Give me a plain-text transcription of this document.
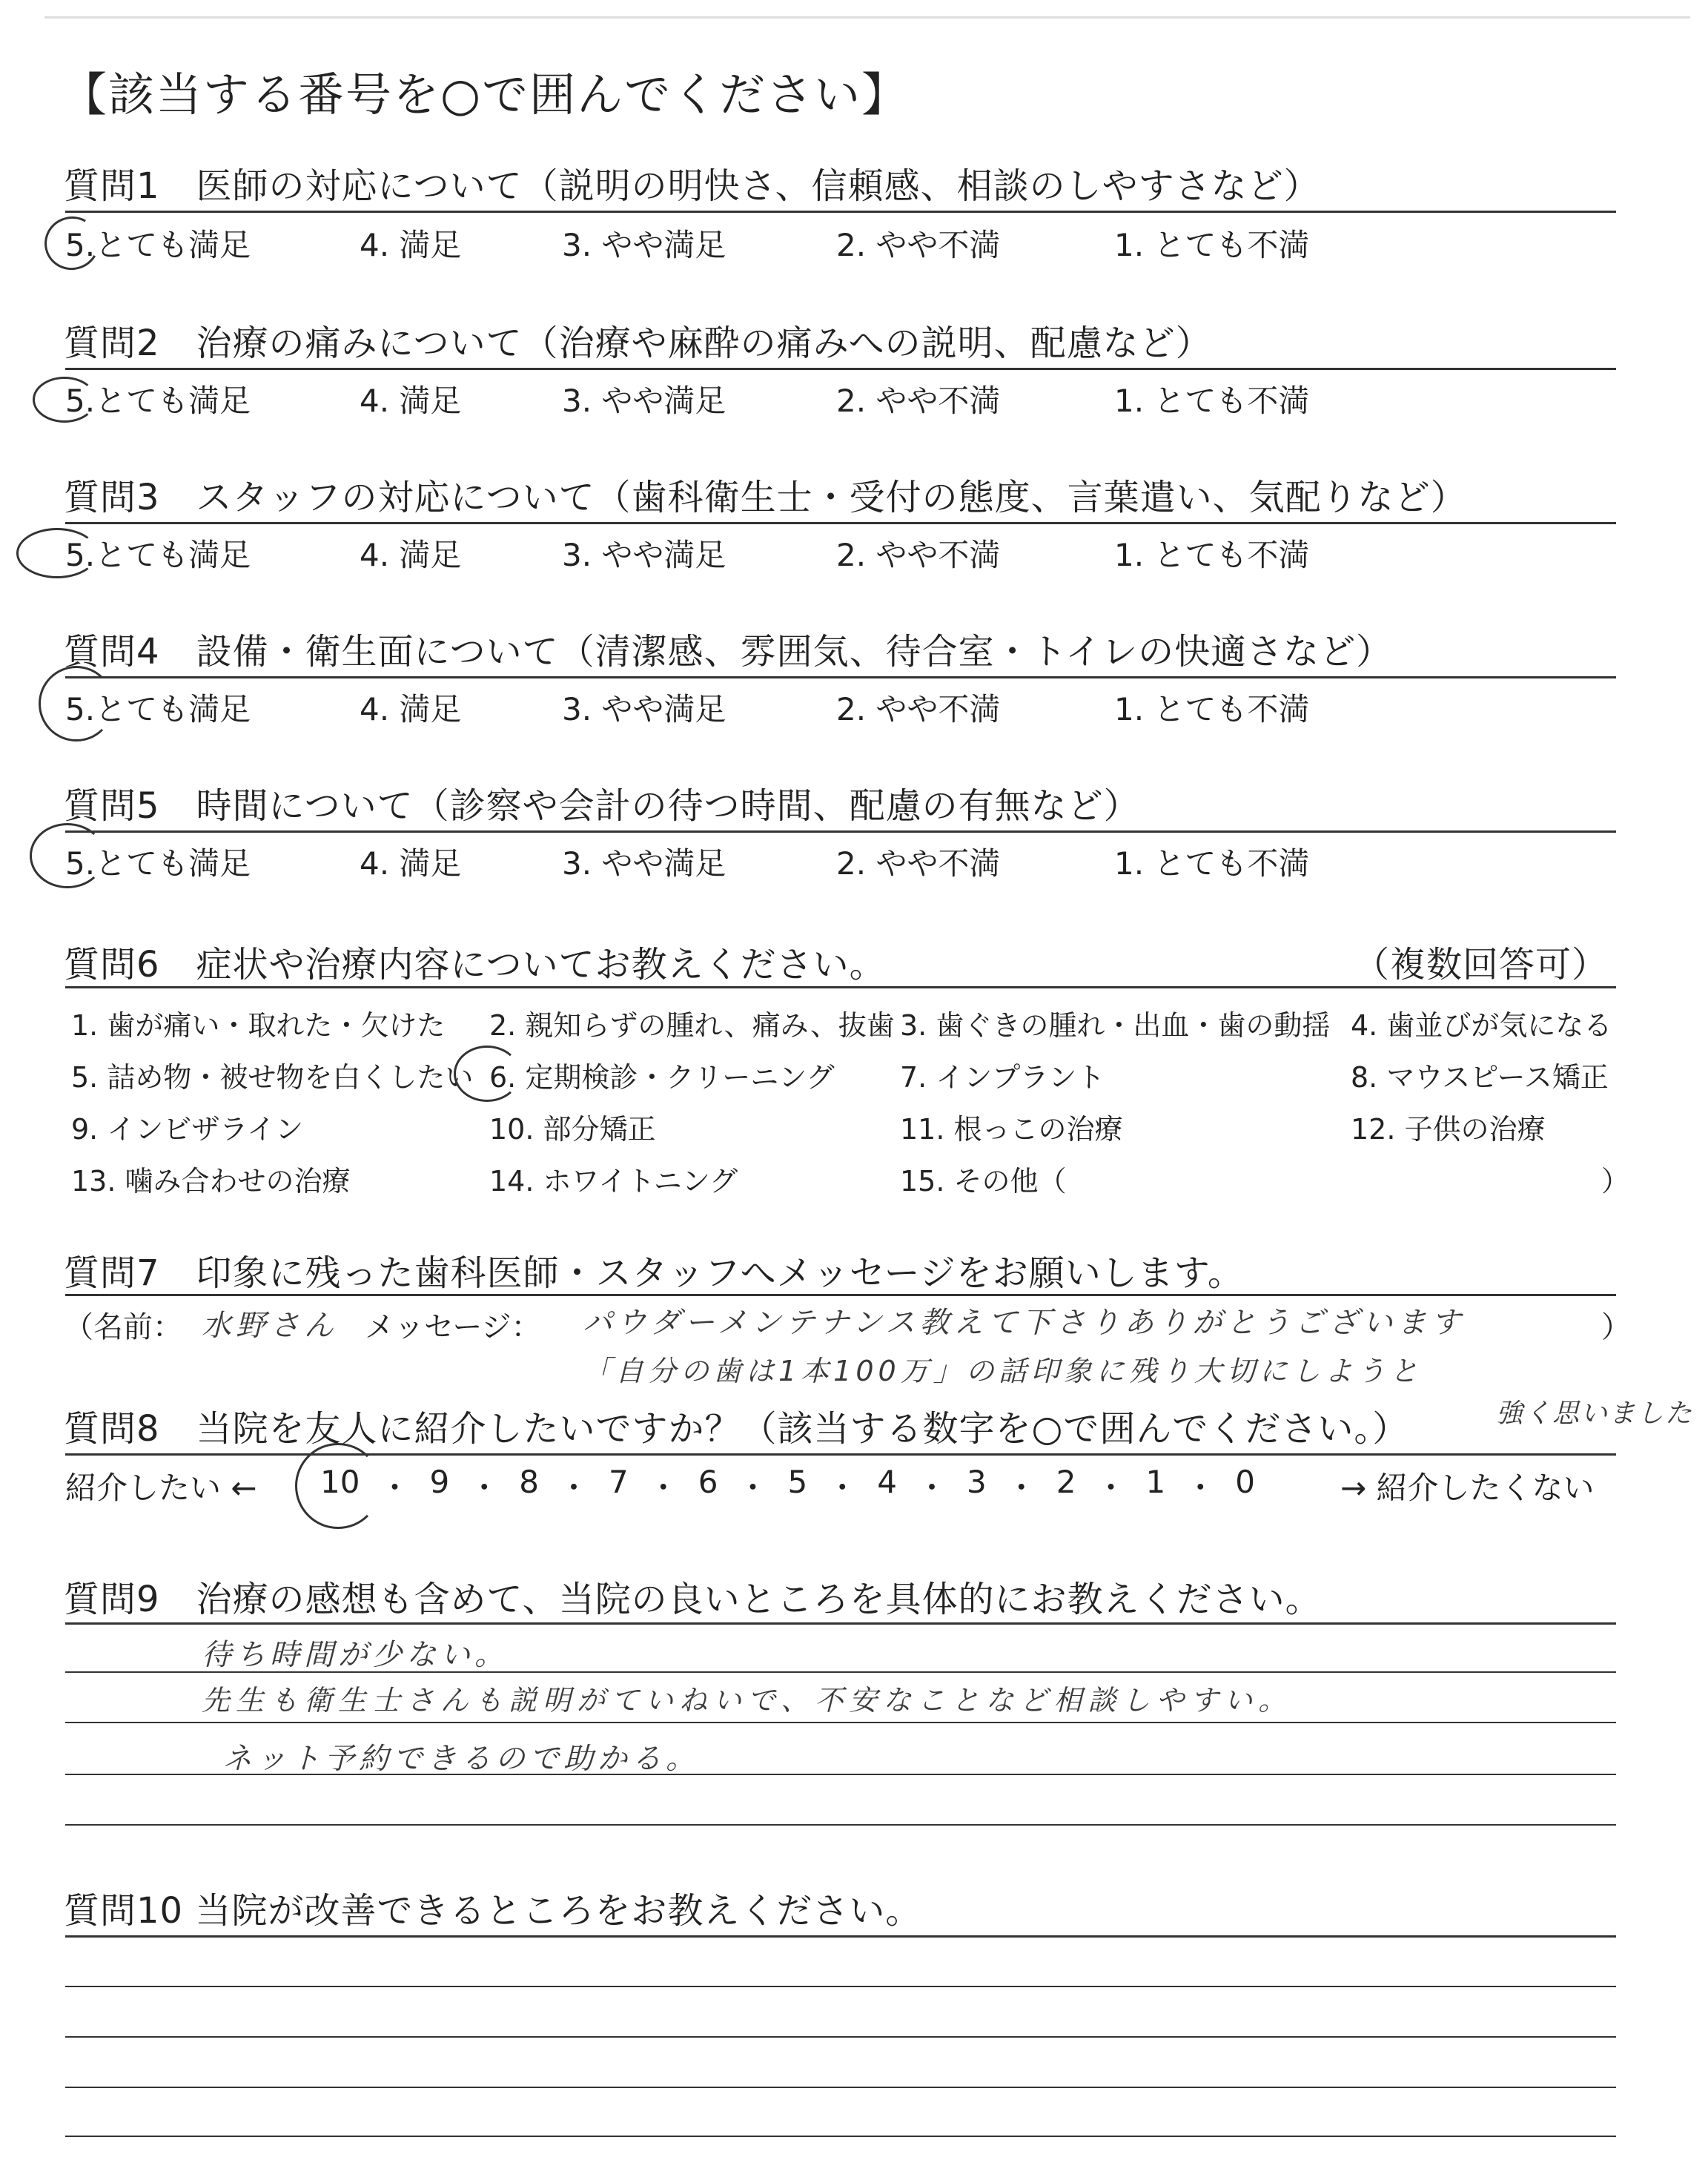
【該当する番号を○で囲んでください】
質問1　医師の対応について（説明の明快さ、信頼感、相談のしやすさなど）
5.とても満足	4. 満足	3. やや満足	2. やや不満	1. とても不満
質問2　治療の痛みについて（治療や麻酔の痛みへの説明、配慮など）
5.とても満足	4. 満足	3. やや満足	2. やや不満	1. とても不満
質問3　スタッフの対応について（歯科衛生士・受付の態度、言葉遣い、気配りなど）
5.とても満足	4. 満足	3. やや満足	2. やや不満	1. とても不満
質問4　設備・衛生面について（清潔感、雰囲気、待合室・トイレの快適さなど）
5.とても満足	4. 満足	3. やや満足	2. やや不満	1. とても不満
質問5　時間について（診察や会計の待つ時間、配慮の有無など）
5.とても満足	4. 満足	3. やや満足	2. やや不満	1. とても不満
質問6　症状や治療内容についてお教えください。	（複数回答可）
1. 歯が痛い・取れた・欠けた 2. 親知らずの腫れ、痛み、抜歯 3. 歯ぐきの腫れ・出血・歯の動揺 4. 歯並びが気になる
5. 詰め物・被せ物を白くしたい 6. 定期検診・クリーニング 7. インプラント	8. マウスピース矯正
9. インビザライン	10. 部分矯正	11. 根っこの治療	12. 子供の治療
13. 噛み合わせの治療	14. ホワイトニング	15. その他（	）
質問7　印象に残った歯科医師・スタッフへメッセージをお願いします。
（名前： 水野さん メッセージ： パウダーメンテナンス教えて下さりありがとうございます	）
「自分の歯は1本100万」の話印象に残り大切にしようと
強く思いました
質問8　当院を友人に紹介したいですか？（該当する数字を○で囲んでください。）
紹介したい ← 10 ・ 9 ・ 8 ・ 7 ・ 6 ・ 5 ・ 4 ・ 3 ・ 2 ・ 1 ・ 0	→ 紹介したくない
質問9　治療の感想も含めて、当院の良いところを具体的にお教えください。
待ち時間が少ない。
先生も衛生士さんも説明がていねいで、不安なことなど相談しやすい。
ネット予約できるので助かる。
質問10 当院が改善できるところをお教えください。
